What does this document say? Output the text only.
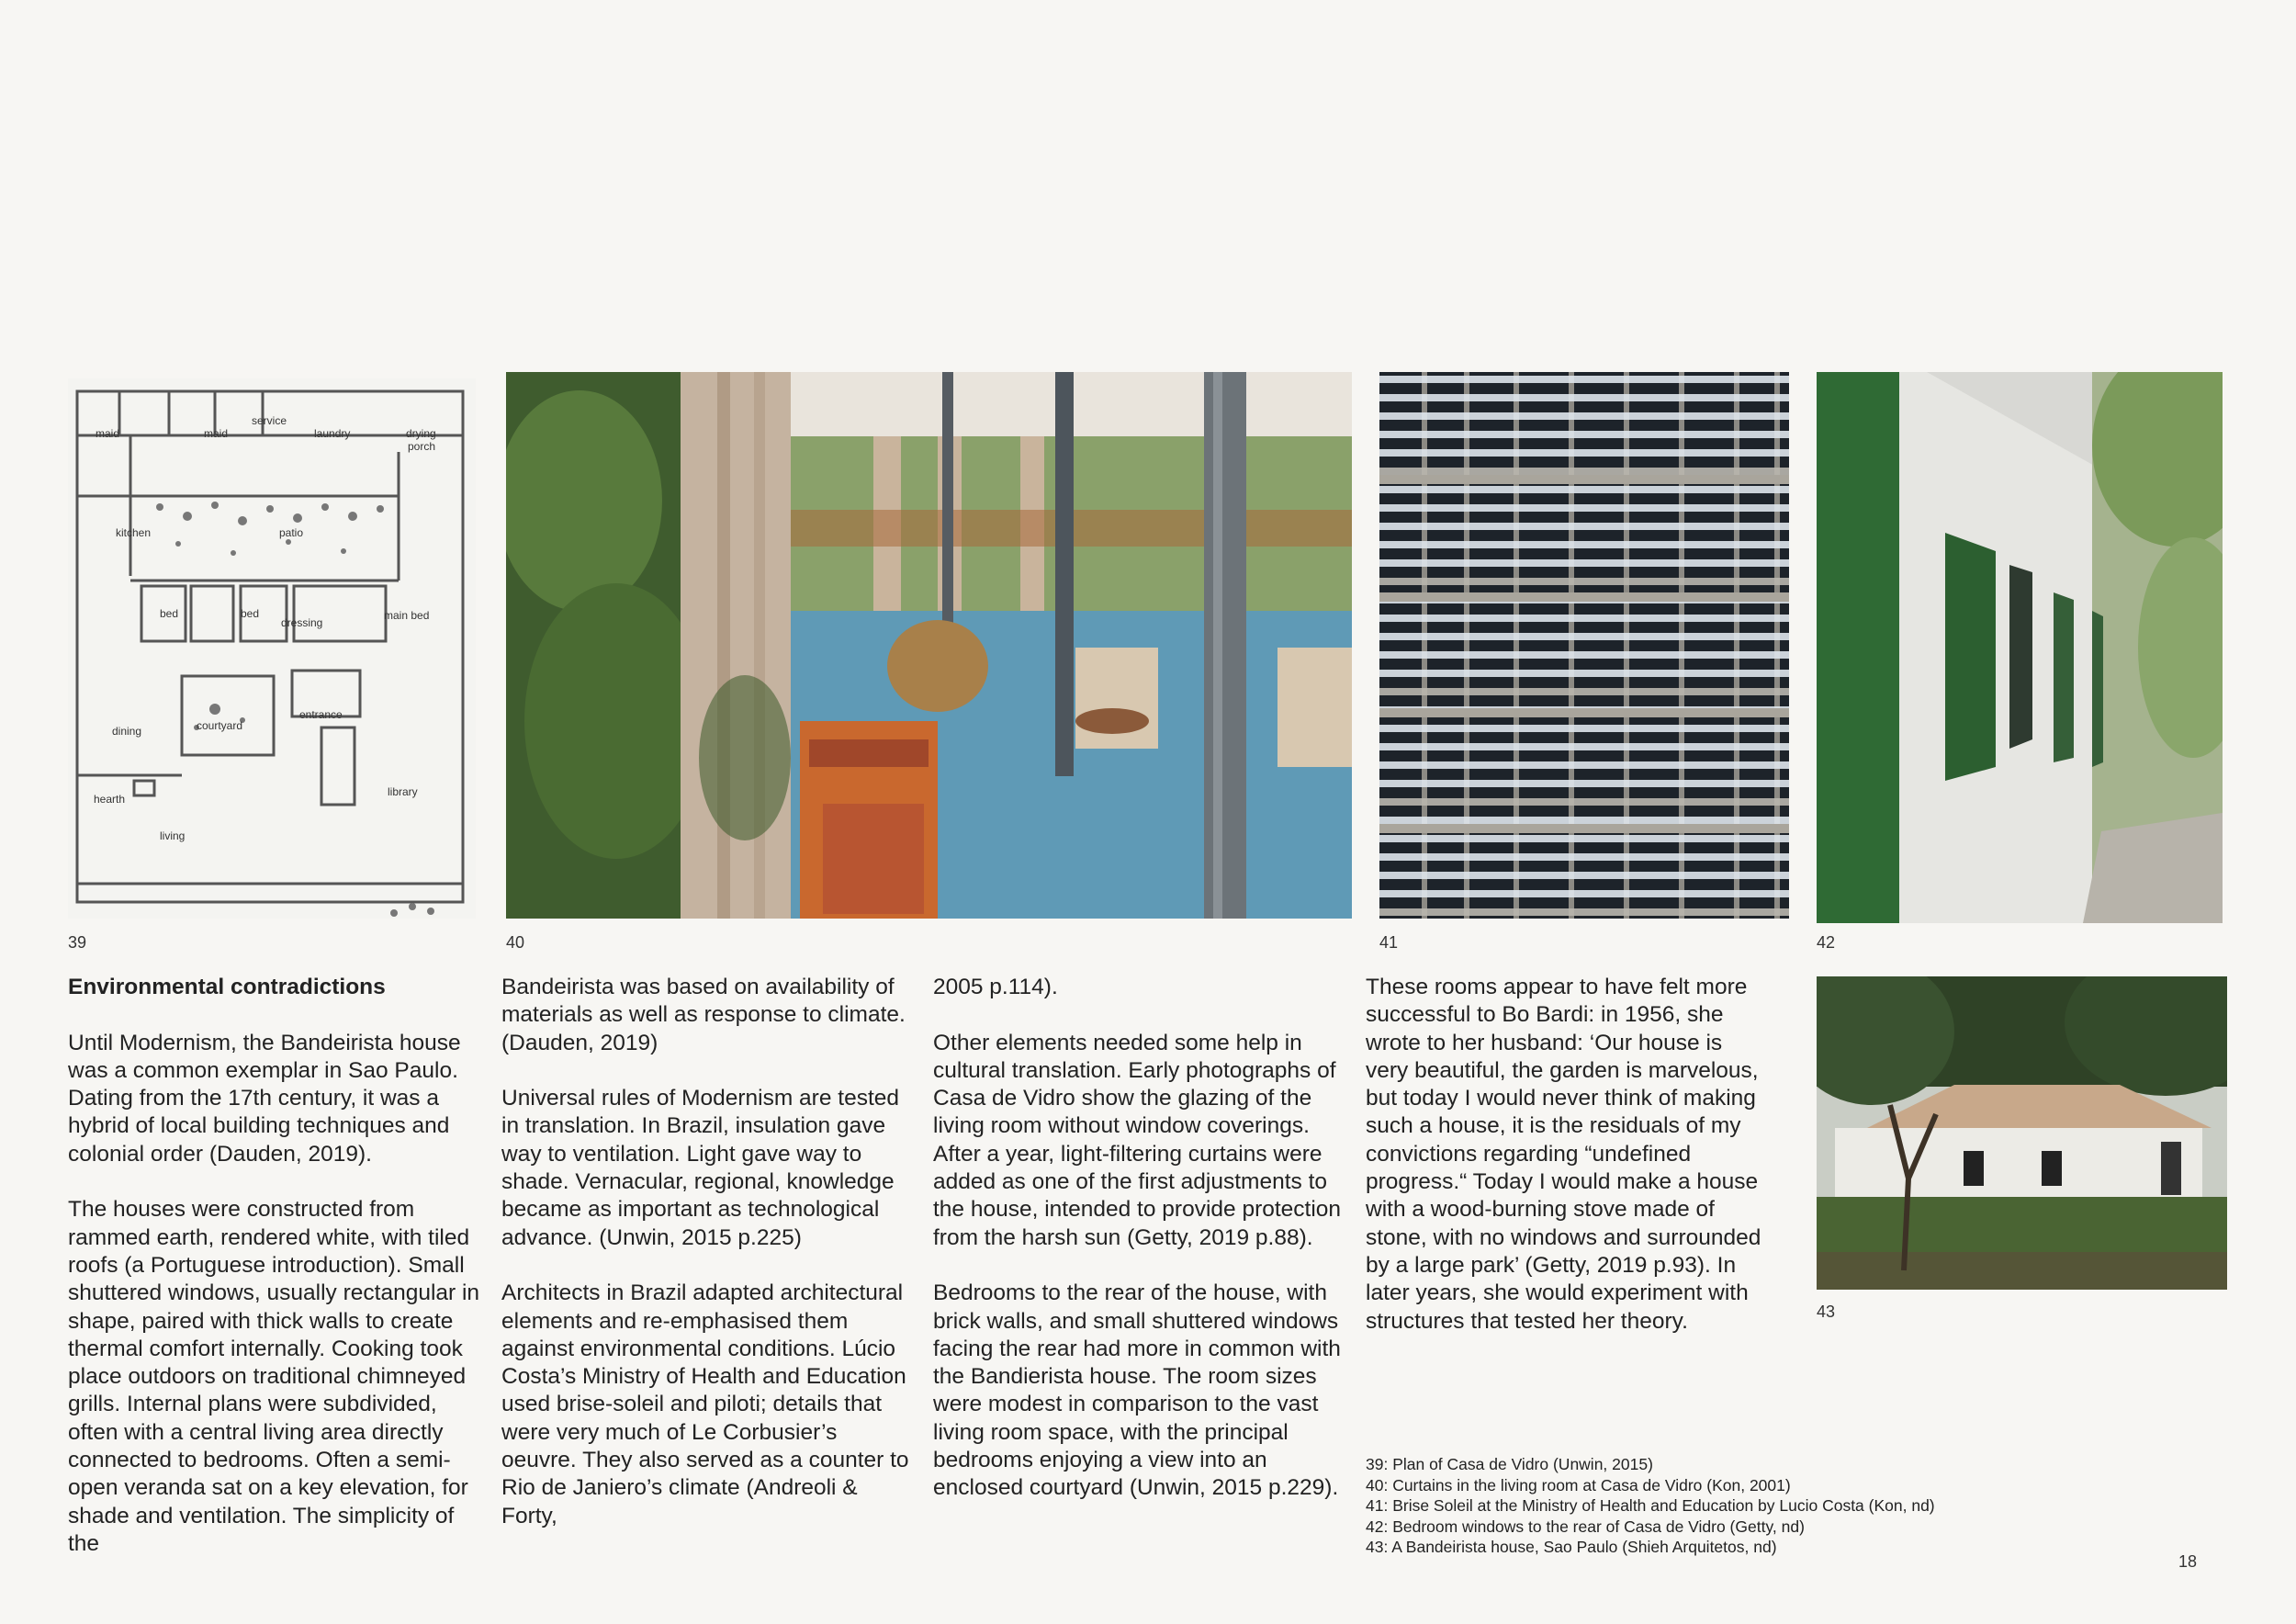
maid	maid
service
laundry	drying
porch
kitchen	patio
bed	bed
dressing
main bed
dining	courtyard
entrance
hearth
library
living
39	40	41	42
43
Environmental contradictions

Until Modernism, the Bandeirista house was a common exemplar in Sao Paulo. Dating from the 17th century, it was a hybrid of local building techniques and colonial order (Dauden, 2019).

The houses were constructed from rammed earth, rendered white, with tiled roofs (a Portuguese introduction). Small shuttered windows, usually rectangular in shape, paired with thick walls to create thermal comfort internally. Cooking took place outdoors on traditional chimneyed grills. Internal plans were subdivided, often with a central living area directly connected to bedrooms. Often a semi-open veranda sat on a key elevation, for shade and ventilation. The simplicity of the

Bandeirista was based on availability of materials as well as response to climate. (Dauden, 2019)

Universal rules of Modernism are tested in translation. In Brazil, insulation gave way to ventilation. Light gave way to shade. Vernacular, regional, knowledge became as important as technological advance. (Unwin, 2015 p.225)

Architects in Brazil adapted architectural elements and re-emphasised them against environmental conditions. Lúcio Costa’s Ministry of Health and Education used brise-soleil and piloti; details that were very much of Le Corbusier’s oeuvre. They also served as a counter to Rio de Janiero’s climate (Andreoli & Forty,

2005 p.114).

Other elements needed some help in cultural translation. Early photographs of Casa de Vidro show the glazing of the living room without window coverings. After a year, light-filtering curtains were added as one of the first adjustments to the house, intended to provide protection from the harsh sun (Getty, 2019 p.88).

Bedrooms to the rear of the house, with brick walls, and small shuttered windows facing the rear had more in common with the Bandierista house. The room sizes were modest in comparison to the vast living room space, with the principal bedrooms enjoying a view into an enclosed courtyard (Unwin, 2015 p.229).

These rooms appear to have felt more successful to Bo Bardi: in 1956, she wrote to her husband: ‘Our house is very beautiful, the garden is marvelous, but today I would never think of making such a house, it is the residuals of my convictions regarding “undefined progress.“ Today I would make a house with a wood-burning stove made of stone, with no windows and surrounded by a large park’ (Getty, 2019 p.93). In later years, she would experiment with structures that tested her theory.

39: Plan of Casa de Vidro (Unwin, 2015)
40: Curtains in the living room at Casa de Vidro (Kon, 2001)
41: Brise Soleil at the Ministry of Health and Education by Lucio Costa (Kon, nd)
42: Bedroom windows to the rear of Casa de Vidro (Getty, nd)
43: A Bandeirista house, Sao Paulo (Shieh Arquitetos, nd)
18
